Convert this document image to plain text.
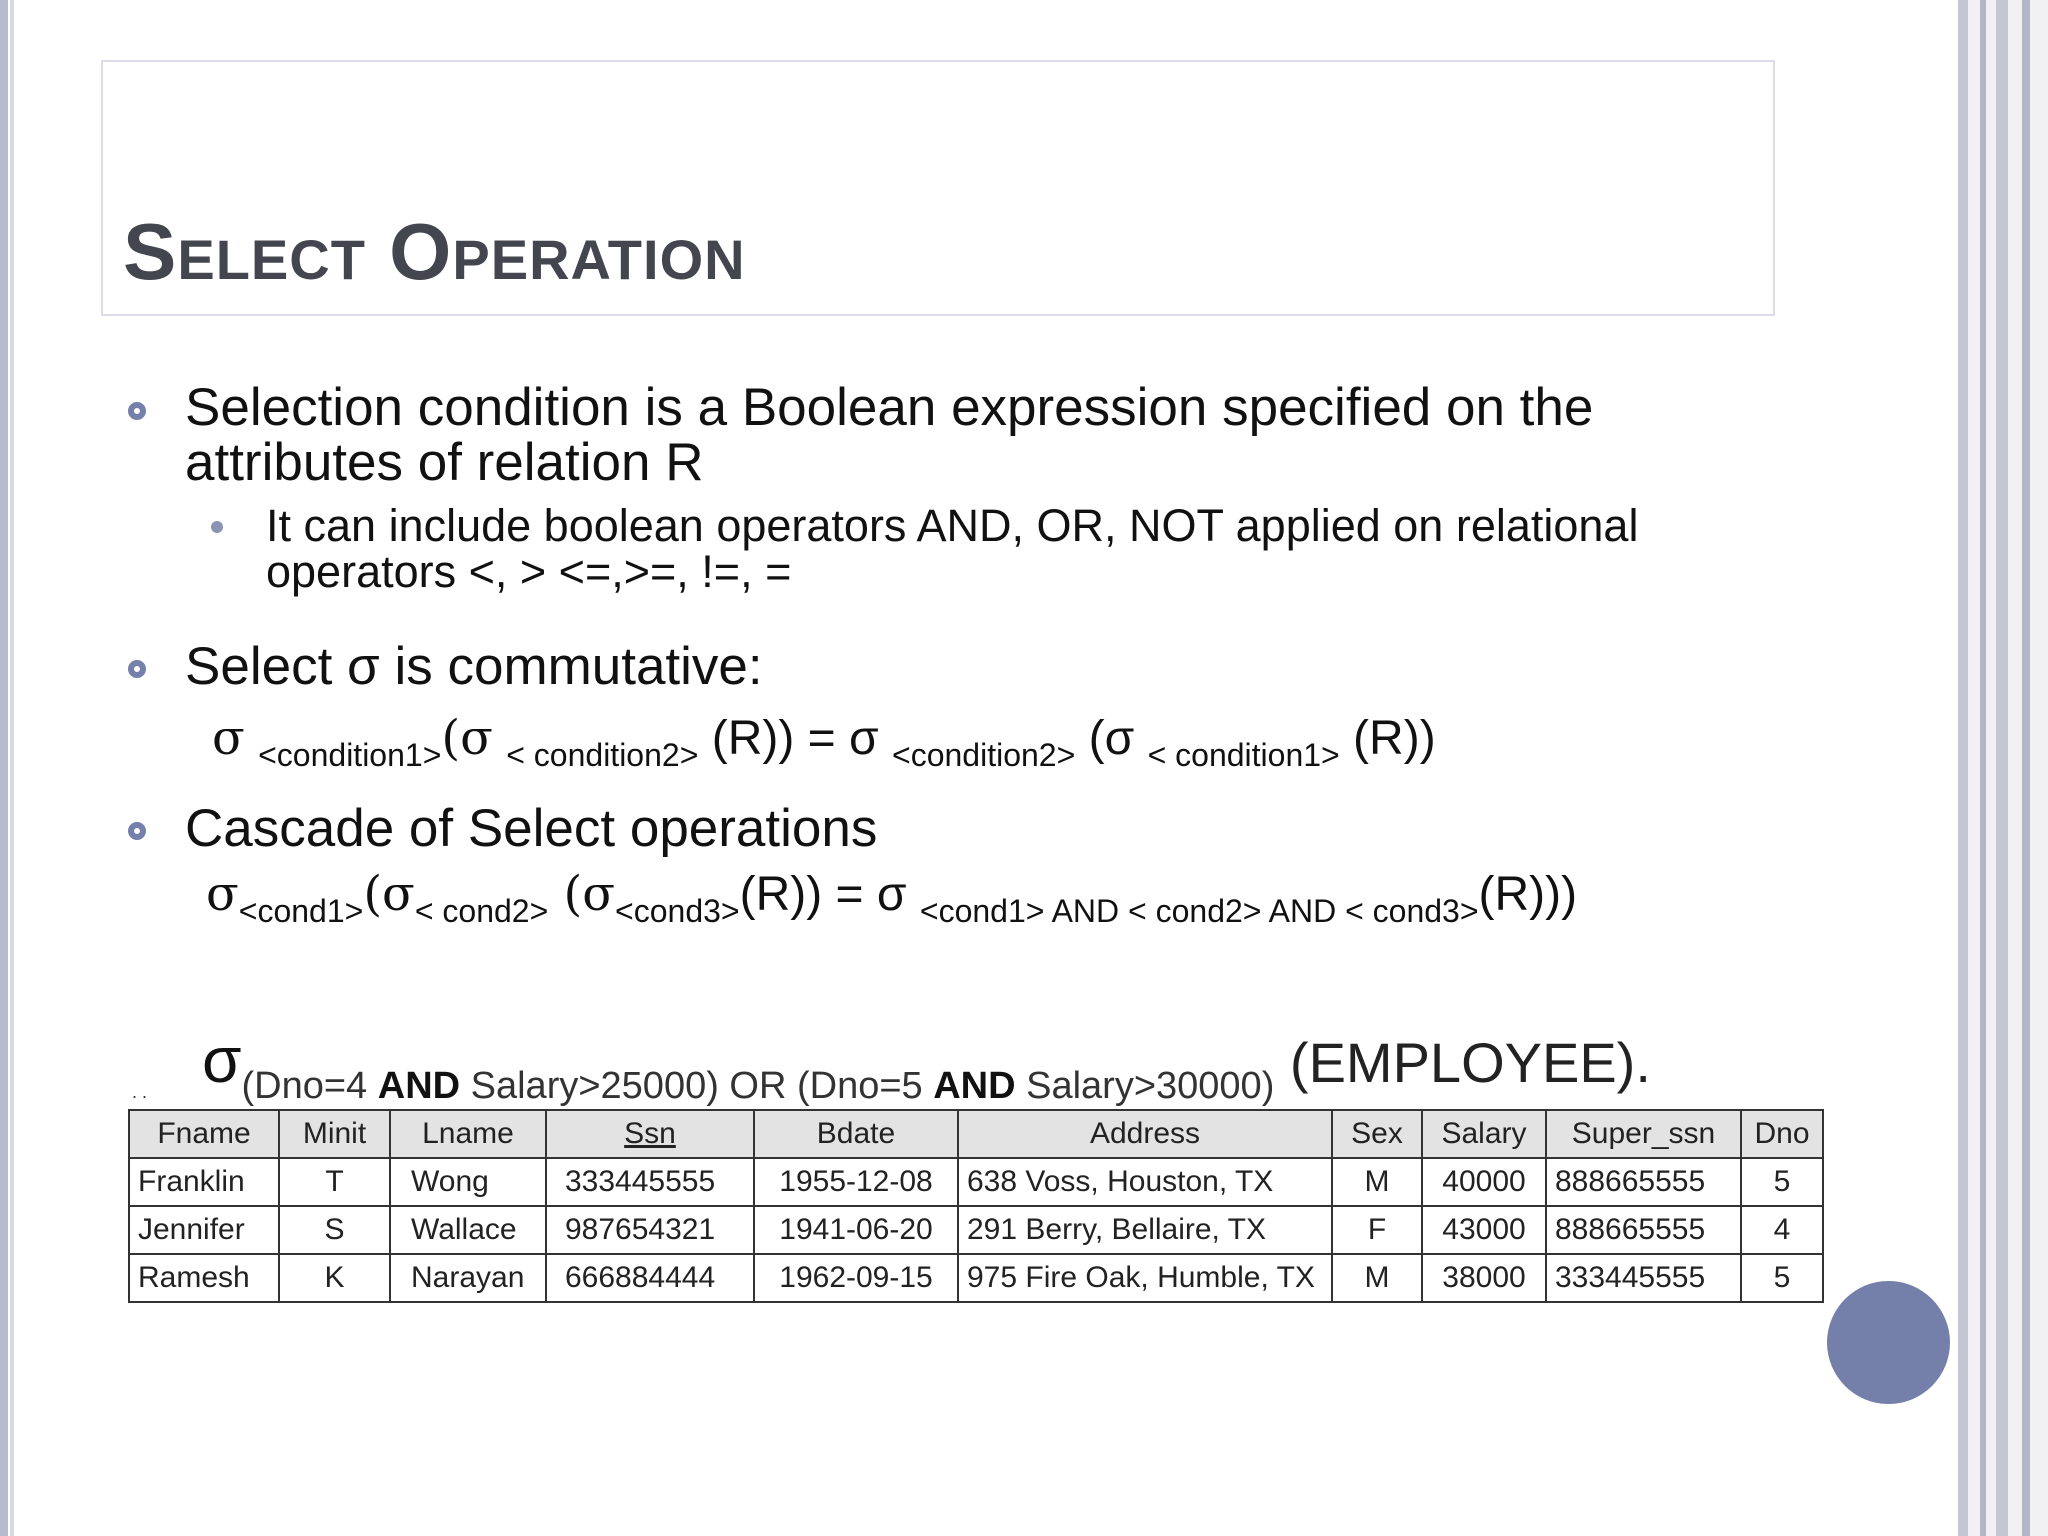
Select Operation
Selection condition is a Boolean expression specified on the
attributes of relation R
It can include boolean operators AND, OR, NOT applied on relational
operators <, > <=,>=, !=, =
Select σ is commutative:
σ $_{<condition1>}$(σ $_{< condition2>}$ (R)) = σ $_{<condition2>}$ (σ $_{< condition1>}$ (R))
Cascade of Select operations
$\sigma_{<cond1>}(\sigma_{< cond2>}$ $(\sigma_{<cond3>}(R)) = \sigma$ $_{<cond1> AND < cond2> AND < cond3>}$(R)))
. . σ(Dno=4 AND Salary>25000) OR (Dno=5 AND Salary>30000) (EMPLOYEE).
Fname	Minit	Lname	Ssn	Bdate	Address	Sex	Salary	Super_ssn	Dno
Franklin	T	Wong	333445555	1955-12-08	638 Voss, Houston, TX	M	40000	888665555	5
Jennifer	S	Wallace	987654321	1941-06-20	291 Berry, Bellaire, TX	F	43000	888665555	4
Ramesh	K	Narayan	666884444	1962-09-15	975 Fire Oak, Humble, TX	M	38000	333445555	5
